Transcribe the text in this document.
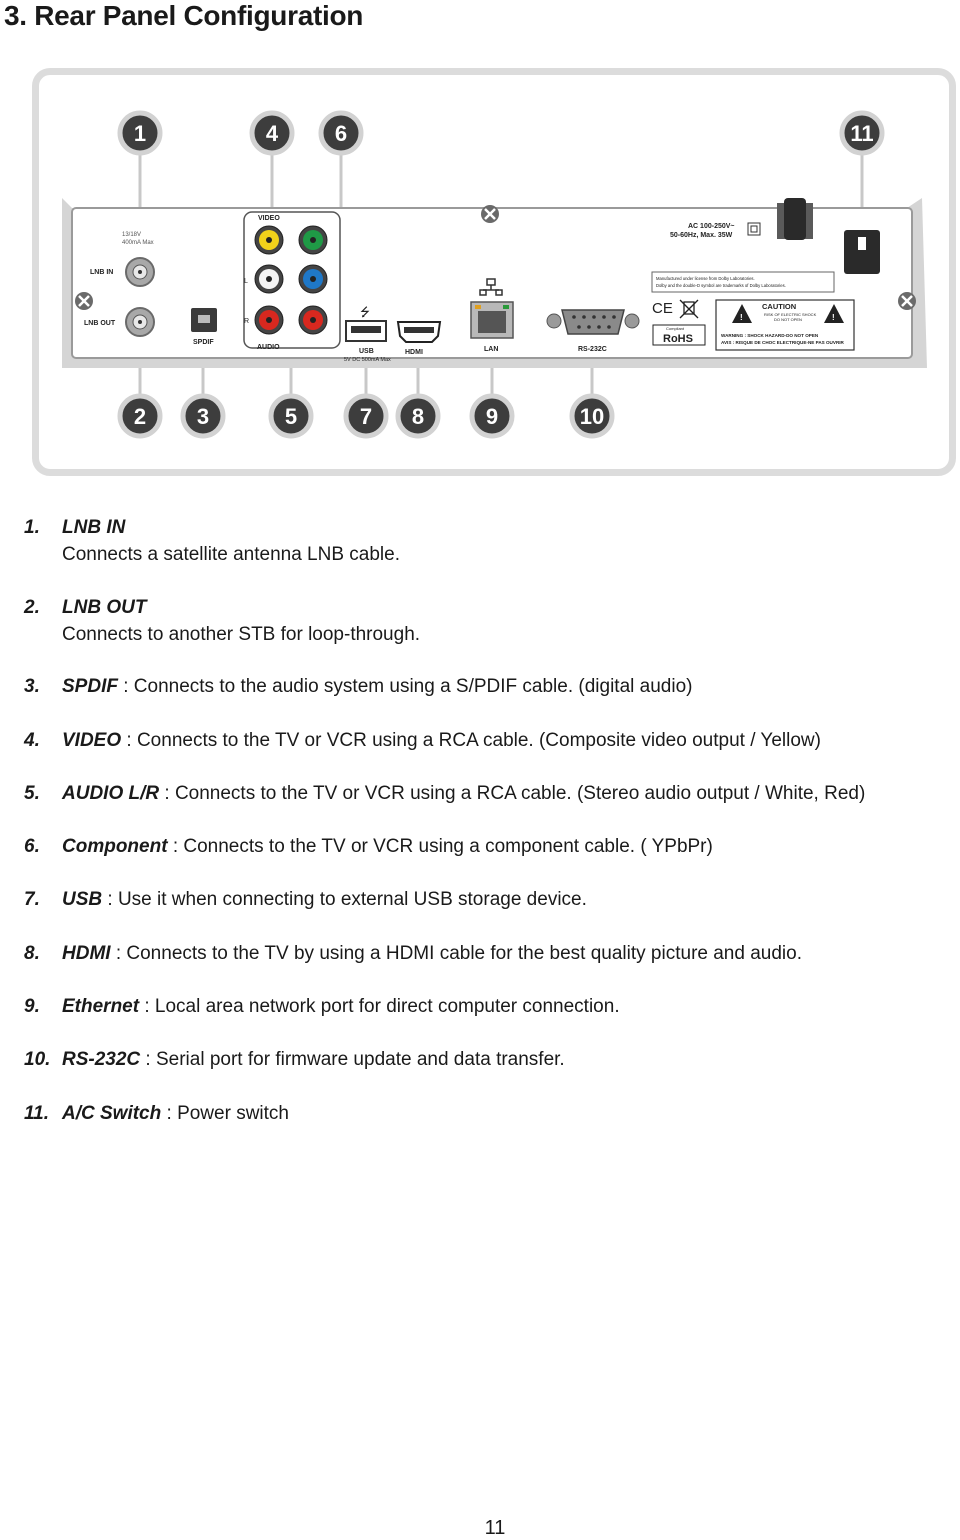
3. Rear Panel Configuration
13/18V
400mA Max
LNB IN
LNB OUT
SPDIF
VIDEO
L
R
AUDIO
⭍
USB
5V DC 500mA Max
HDMI	LAN	RS-232C
AC 100-250V~
50-60Hz, Max. 35W
Manufactured under license from Dolby Laboratories.
Dolby and the double-D symbol are trademarks of Dolby Laboratories.
CE
Compliant
RoHS
!
CAUTION
RISK OF ELECTRIC SHOCK
DO NOT OPEN	!
WARNING : SHOCK HAZARD-DO NOT OPEN
AVIS : RISQUE DE CHOC ELECTRIQUE-NE PAS OUVRIR
1	4	6	11
2 3	5	7 8	9	10
1. LNB IN
Connects a satellite antenna LNB cable.
2. LNB OUT
Connects to another STB for loop-through.
3. SPDIF : Connects to the audio system using a S/PDIF cable. (digital audio)
4. VIDEO : Connects to the TV or VCR using a RCA cable. (Composite video output / Yellow)
5. AUDIO L/R : Connects to the TV or VCR using a RCA cable. (Stereo audio output / White, Red)
6. Component : Connects to the TV or VCR using a component cable. ( YPbPr)
7. USB : Use it when connecting to external USB storage device.
8. HDMI : Connects to the TV by using a HDMI cable for the best quality picture and audio.
9. Ethernet : Local area network port for direct computer connection.
10. RS-232C : Serial port for firmware update and data transfer.
11. A/C Switch : Power switch
11
